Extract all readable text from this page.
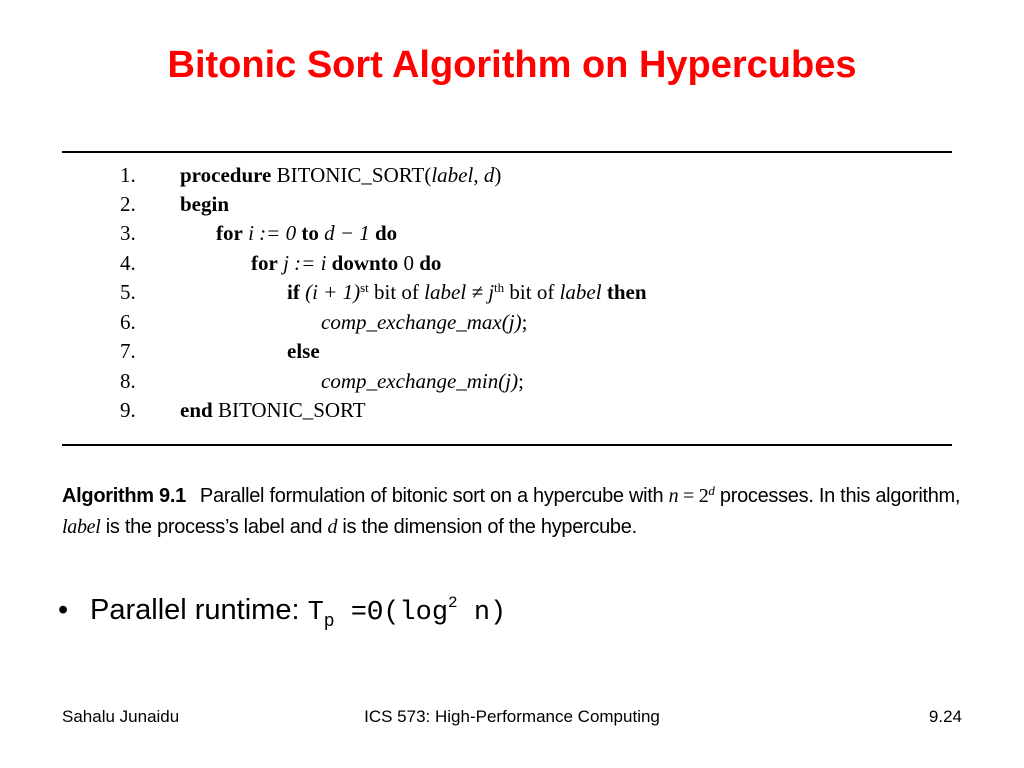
Bitonic Sort Algorithm on Hypercubes
1. procedure BITONIC_SORT(label, d)
2. begin
3.	for i := 0 to d − 1 do
4.	for j := i downto 0 do
5.	if $(i + 1)^{st}$ bit of label ≠ $j^{th}$ bit of label then
6.	comp_exchange_max(j);
7.	else
8.	comp_exchange_min(j);
9. end BITONIC_SORT
Algorithm 9.1 Parallel formulation of bitonic sort on a hypercube with $n = 2^d$ processes. In this algorithm, label is the process’s label and d is the dimension of the hypercube.
• Parallel runtime: $T_p =\Theta(\log^2$ n)
Sahalu Junaidu	ICS 573: High-Performance Computing	9.24
